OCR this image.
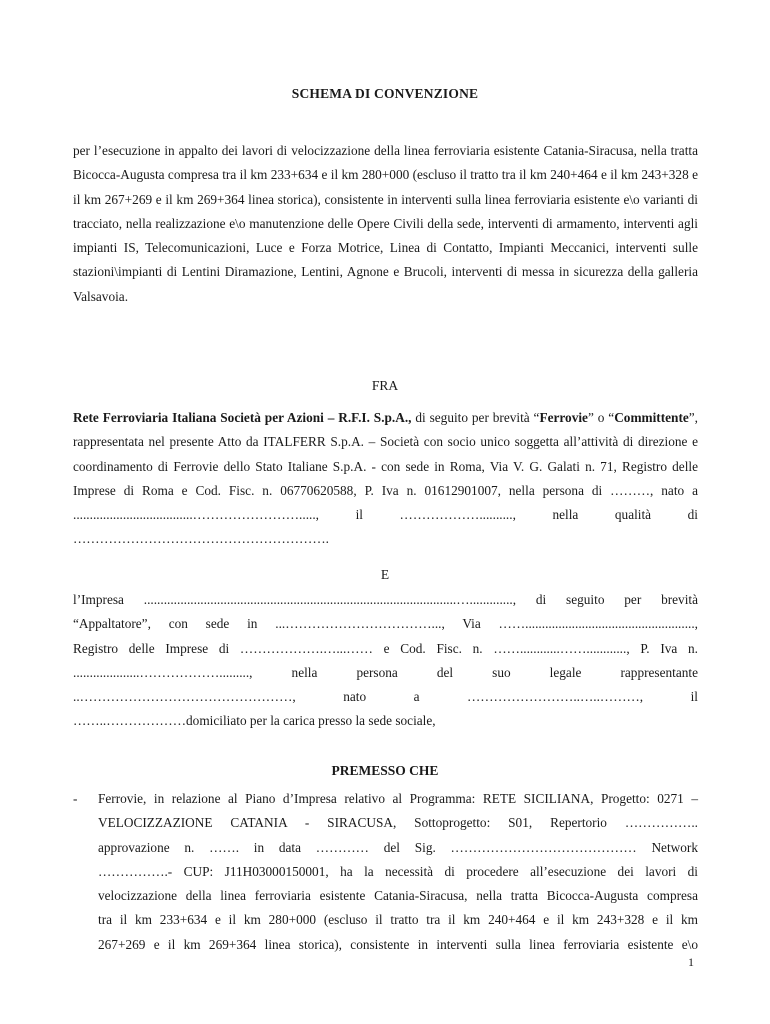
SCHEMA DI CONVENZIONE

per l’esecuzione in appalto dei lavori di velocizzazione della linea ferroviaria esistente Catania-Siracusa, nella tratta Bicocca-Augusta compresa tra il km 233+634 e il km 280+000 (escluso il tratto tra il km 240+464 e il km 243+328 e il km 267+269 e il km 269+364 linea storica), consistente in interventi sulla linea ferroviaria esistente e\o varianti di tracciato, nella realizzazione e\o manutenzione delle Opere Civili della sede, interventi di armamento, interventi agli impianti IS, Telecomunicazioni, Luce e Forza Motrice, Linea di Contatto, Impianti Meccanici, interventi sulle stazioni\impianti di Lentini Diramazione, Lentini, Agnone e Brucoli, interventi di messa in sicurezza della galleria Valsavoia.

FRA

Rete Ferroviaria Italiana Società per Azioni – R.F.I. S.p.A., di seguito per brevità “Ferrovie” o “Committente”, rappresentata nel presente Atto da ITALFERR S.p.A. – Società con socio unico soggetta all’attività di direzione e coordinamento di Ferrovie dello Stato Italiane S.p.A. - con sede in Roma, Via V. G. Galati n. 71, Registro delle Imprese di Roma e Cod. Fisc. n. 06770620588, P. Iva n. 01612901007, nella persona di ………, nato a ....................................……………………....., il ……………….........., nella qualità di ………………………………………………….

E
l’Impresa ..............................................................................................…............., di seguito per brevità
“Appaltatore”, con sede in ...……………………………..., Via ……...................................................,
Registro delle Imprese di ……………….…...…… e Cod. Fisc. n. ……............……............, P. Iva n.
....................………………........., nella persona del suo legale rappresentante
..…………………………………………, nato a ……………………..…..………, il
……..………………domiciliato per la carica presso la sede sociale,
PREMESSO CHE
-	Ferrovie, in relazione al Piano d’Impresa relativo al Programma: RETE SICILIANA, Progetto: 0271 –
VELOCIZZAZIONE CATANIA - SIRACUSA, Sottoprogetto: S01, Repertorio ……………..
approvazione n. ……. in data ………… del Sig. …………………………………… Network
…………….- CUP: J11H03000150001, ha la necessità di procedere all’esecuzione dei lavori di
velocizzazione della linea ferroviaria esistente Catania-Siracusa, nella tratta Bicocca-Augusta compresa
tra il km 233+634 e il km 280+000 (escluso il tratto tra il km 240+464 e il km 243+328 e il km
267+269 e il km 269+364 linea storica), consistente in interventi sulla linea ferroviaria esistente e\o
1
